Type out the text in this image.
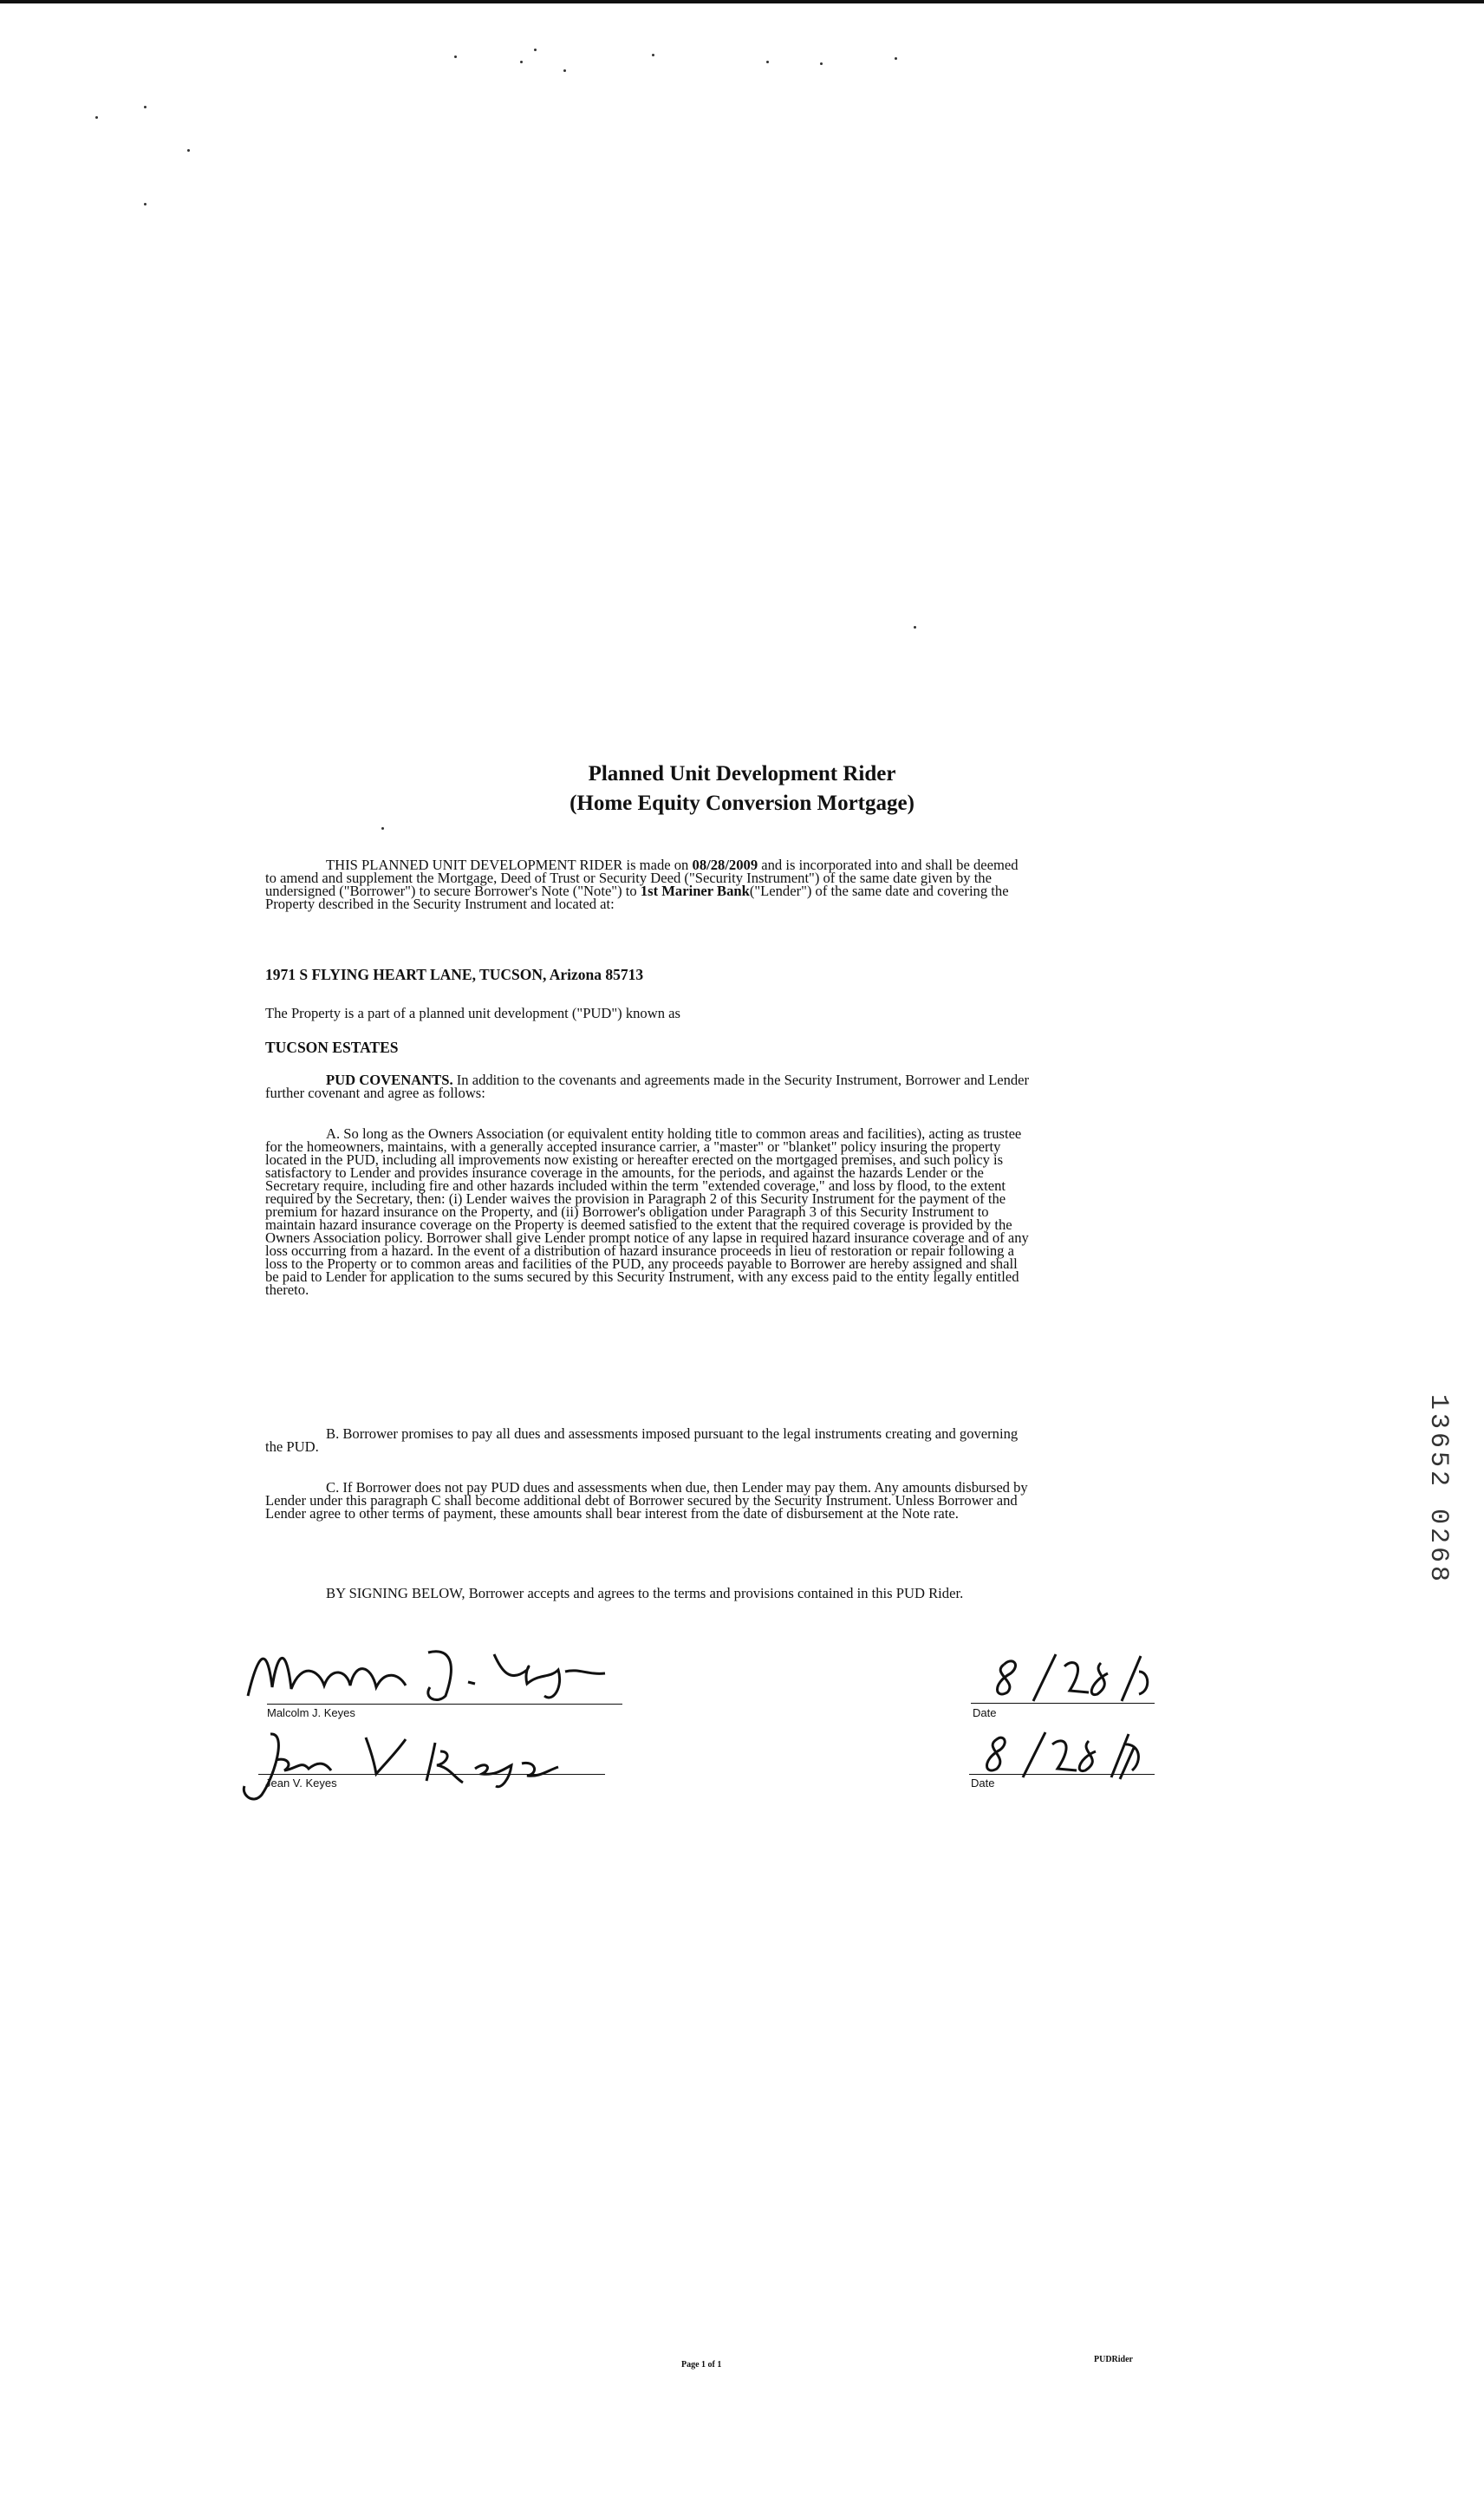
Planned Unit Development Rider
(Home Equity Conversion Mortgage)
THIS PLANNED UNIT DEVELOPMENT RIDER is made on 08/28/2009 and is incorporated into and shall be deemed to amend and supplement the Mortgage, Deed of Trust or Security Deed ("Security Instrument") of the same date given by the undersigned ("Borrower") to secure Borrower's Note ("Note") to 1st Mariner Bank("Lender") of the same date and covering the Property described in the Security Instrument and located at:
1971 S FLYING HEART LANE, TUCSON, Arizona 85713
The Property is a part of a planned unit development ("PUD") known as
TUCSON ESTATES
PUD COVENANTS. In addition to the covenants and agreements made in the Security Instrument, Borrower and Lender further covenant and agree as follows:
A. So long as the Owners Association (or equivalent entity holding title to common areas and facilities), acting as trustee for the homeowners, maintains, with a generally accepted insurance carrier, a "master" or "blanket" policy insuring the property located in the PUD, including all improvements now existing or hereafter erected on the mortgaged premises, and such policy is satisfactory to Lender and provides insurance coverage in the amounts, for the periods, and against the hazards Lender or the Secretary require, including fire and other hazards included within the term "extended coverage," and loss by flood, to the extent required by the Secretary, then: (i) Lender waives the provision in Paragraph 2 of this Security Instrument for the payment of the premium for hazard insurance on the Property, and (ii) Borrower's obligation under Paragraph 3 of this Security Instrument to maintain hazard insurance coverage on the Property is deemed satisfied to the extent that the required coverage is provided by the Owners Association policy. Borrower shall give Lender prompt notice of any lapse in required hazard insurance coverage and of any loss occurring from a hazard. In the event of a distribution of hazard insurance proceeds in lieu of restoration or repair following a loss to the Property or to common areas and facilities of the PUD, any proceeds payable to Borrower are hereby assigned and shall be paid to Lender for application to the sums secured by this Security Instrument, with any excess paid to the entity legally entitled thereto.
B. Borrower promises to pay all dues and assessments imposed pursuant to the legal instruments creating and governing the PUD.
C. If Borrower does not pay PUD dues and assessments when due, then Lender may pay them. Any amounts disbursed by Lender under this paragraph C shall become additional debt of Borrower secured by the Security Instrument. Unless Borrower and Lender agree to other terms of payment, these amounts shall bear interest from the date of disbursement at the Note rate.
BY SIGNING BELOW, Borrower accepts and agrees to the terms and provisions contained in this PUD Rider.
Malcolm J. Keyes	Date
Jean V. Keyes	Date
13652 0268
Page 1 of 1
PUDRider
